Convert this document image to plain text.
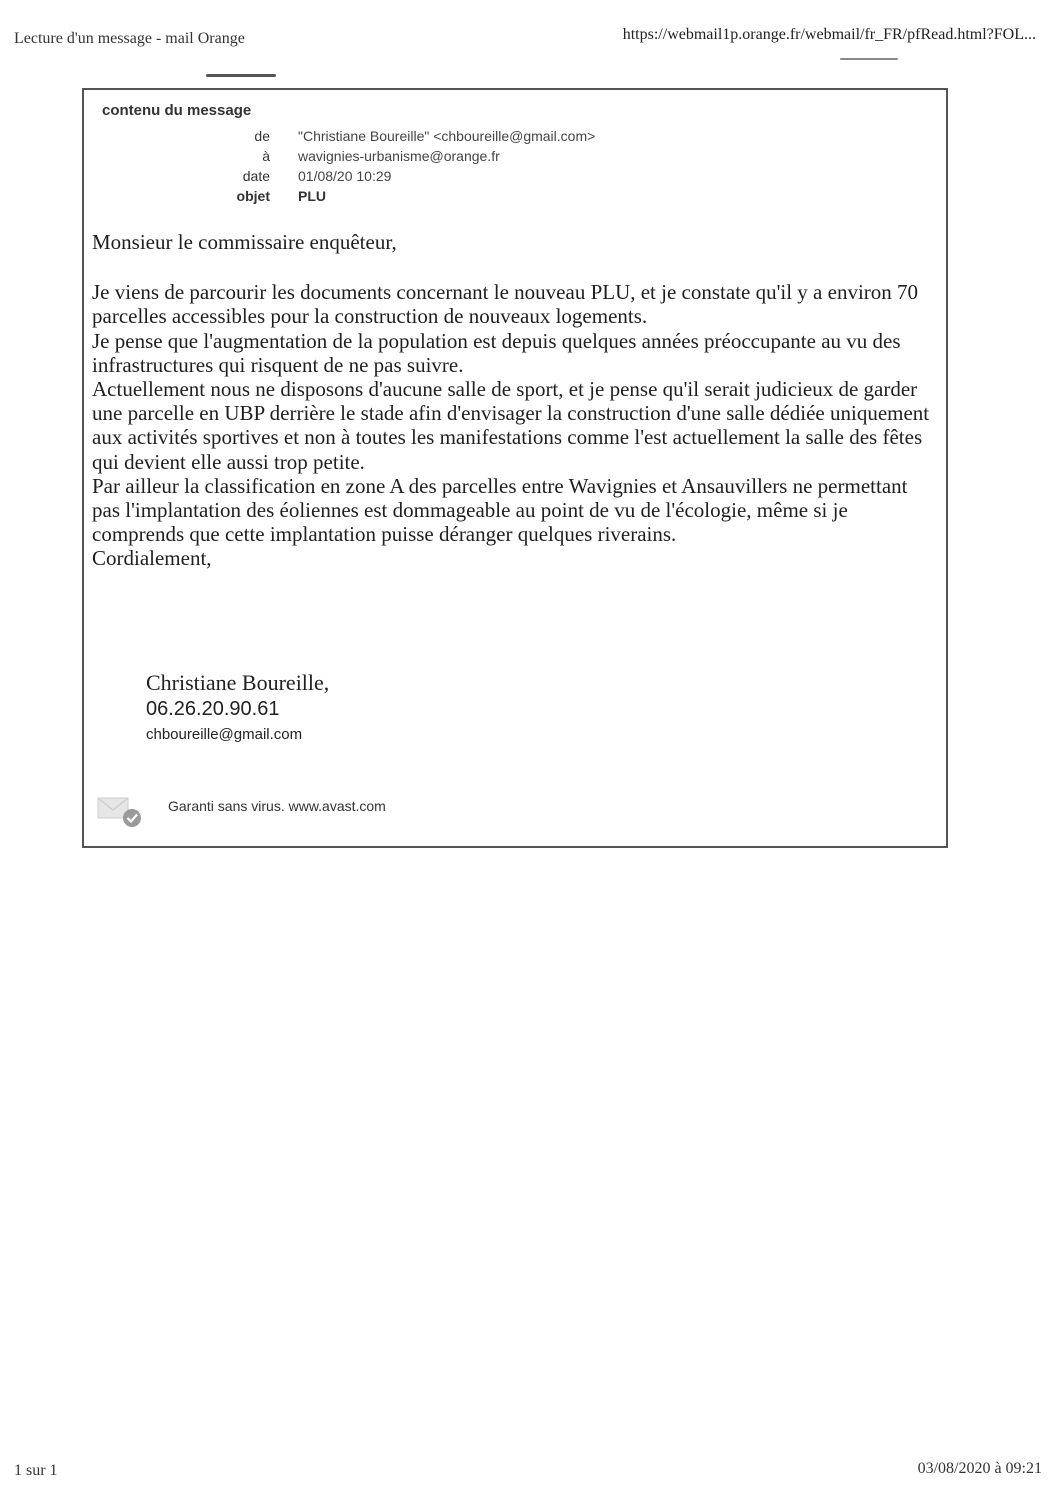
Lecture d'un message - mail Orange	https://webmail1p.orange.fr/webmail/fr_FR/pfRead.html?FOL...
contenu du message
de "Christiane Boureille" <chboureille@gmail.com>
à wavignies-urbanisme@orange.fr
date 01/08/20 10:29
objet PLU

Monsieur le commissaire enquêteur,

Je viens de parcourir les documents concernant le nouveau PLU, et je constate qu'il y a environ 70 parcelles accessibles pour la construction de nouveaux logements.

Je pense que l'augmentation de la population est depuis quelques années préoccupante au vu des infrastructures qui risquent de ne pas suivre.

Actuellement nous ne disposons d'aucune salle de sport, et je pense qu'il serait judicieux de garder une parcelle en UBP derrière le stade afin d'envisager la construction d'une salle dédiée uniquement aux activités sportives et non à toutes les manifestations comme l'est actuellement la salle des fêtes qui devient elle aussi trop petite.

Par ailleur la classification en zone A des parcelles entre Wavignies et Ansauvillers ne permettant pas l'implantation des éoliennes est dommageable au point de vu de l'écologie, même si je comprends que cette implantation puisse déranger quelques riverains.

Cordialement,

Christiane Boureille,
06.26.20.90.61
chboureille@gmail.com
Garanti sans virus. www.avast.com
1 sur 1	03/08/2020 à 09:21
